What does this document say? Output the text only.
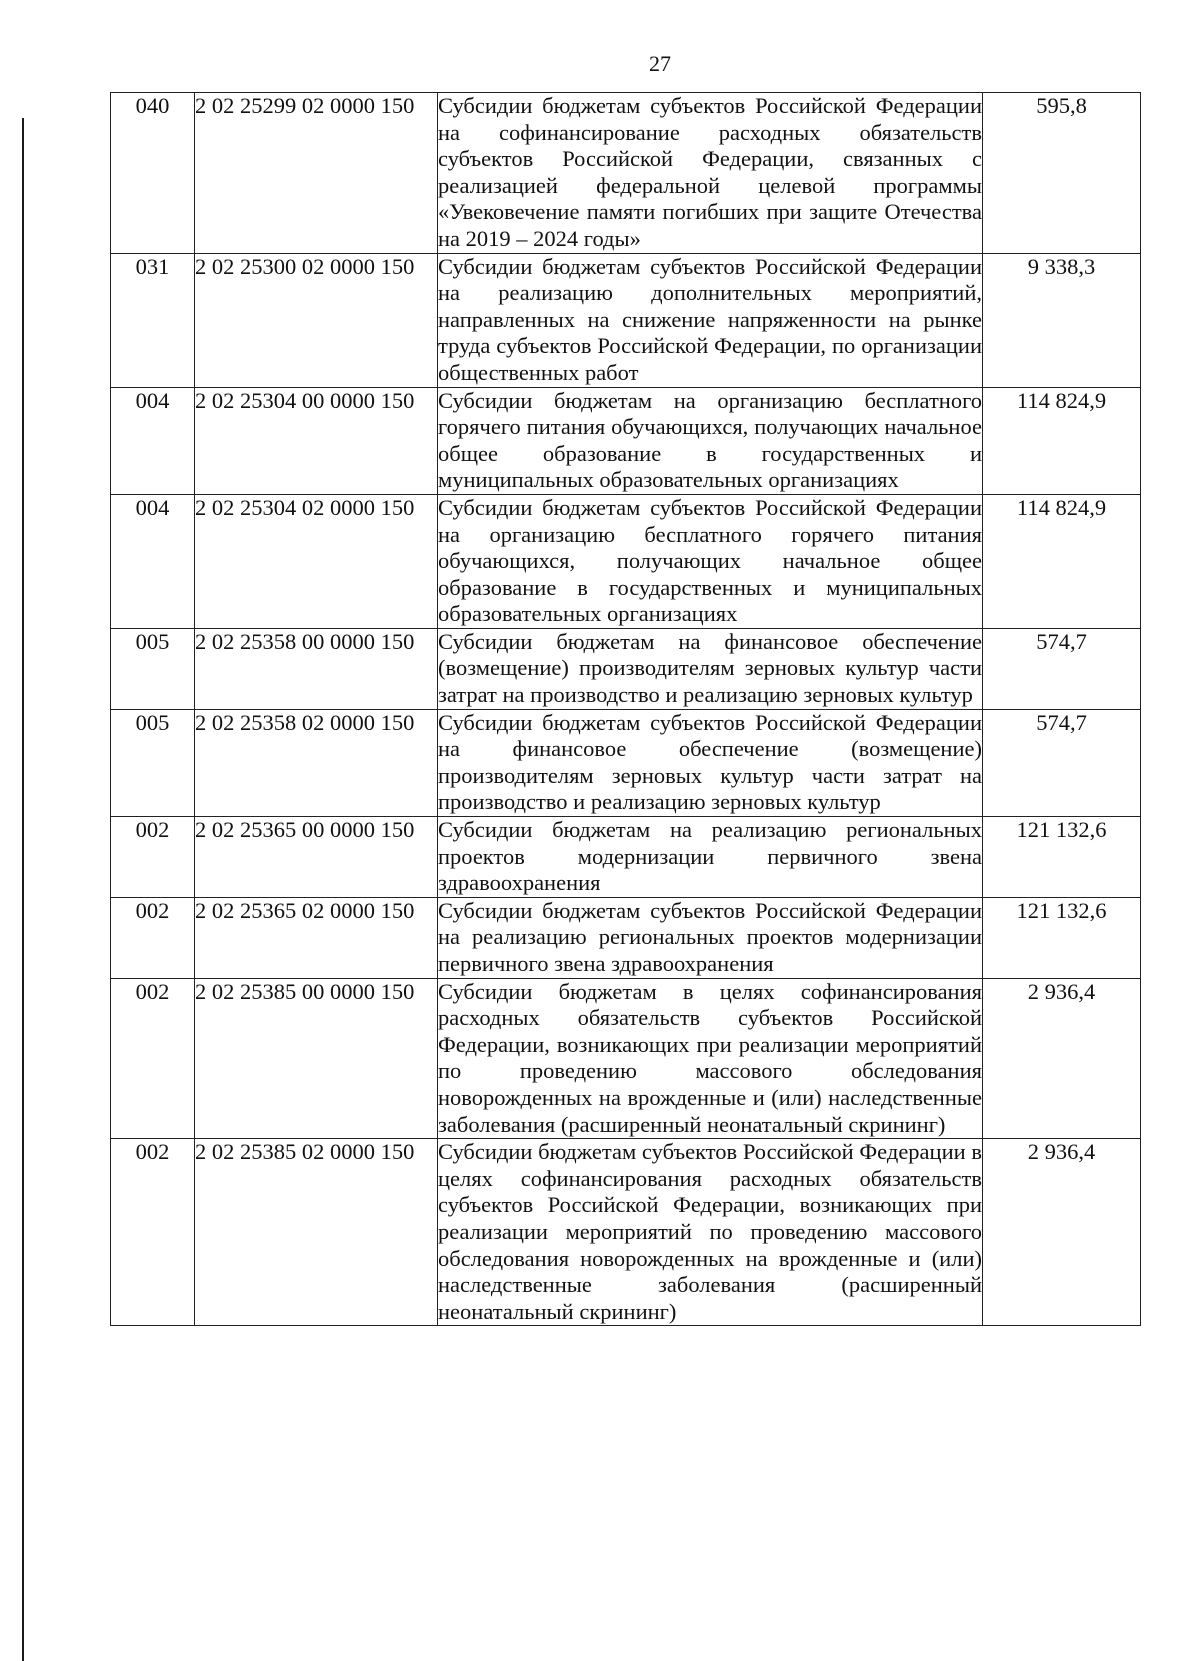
27
040	2 02 25299 02 0000 150	Субсидии бюджетам субъектов Российской Федерации на софинансирование расходных обязательств субъектов Российской Федерации, связанных с реализацией федеральной целевой программы «Увековечение памяти погибших при защите Отечества на 2019 – 2024 годы»	595,8
031	2 02 25300 02 0000 150	Субсидии бюджетам субъектов Российской Федерации на реализацию дополнительных мероприятий, направленных на снижение напряженности на рынке труда субъектов Российской Федерации, по организации общественных работ	9 338,3
004	2 02 25304 00 0000 150	Субсидии бюджетам на организацию бесплатного горячего питания обучающихся, получающих начальное общее образование в государственных и муниципальных образовательных организациях	114 824,9
004	2 02 25304 02 0000 150	Субсидии бюджетам субъектов Российской Федерации на организацию бесплатного горячего питания обучающихся, получающих начальное общее образование в государственных и муниципальных образовательных организациях	114 824,9
005	2 02 25358 00 0000 150	Субсидии бюджетам на финансовое обеспечение (возмещение) производителям зерновых культур части затрат на производство и реализацию зерновых культур	574,7
005	2 02 25358 02 0000 150	Субсидии бюджетам субъектов Российской Федерации на финансовое обеспечение (возмещение) производителям зерновых культур части затрат на производство и реализацию зерновых культур	574,7
002	2 02 25365 00 0000 150	Субсидии бюджетам на реализацию региональных проектов модернизации первичного звена здравоохранения	121 132,6
002	2 02 25365 02 0000 150	Субсидии бюджетам субъектов Российской Федерации на реализацию региональных проектов модернизации первичного звена здравоохранения	121 132,6
002	2 02 25385 00 0000 150	Субсидии бюджетам в целях софинансирования расходных обязательств субъектов Российской Федерации, возникающих при реализации мероприятий по проведению массового обследования новорожденных на врожденные и (или) наследственные заболевания (расширенный неонатальный скрининг)	2 936,4
002	2 02 25385 02 0000 150	Субсидии бюджетам субъектов Российской Федерации в целях софинансирования расходных обязательств субъектов Российской Федерации, возникающих при реализации мероприятий по проведению массового обследования новорожденных на врожденные и (или) наследственные заболевания (расширенный неонатальный скрининг)	2 936,4
